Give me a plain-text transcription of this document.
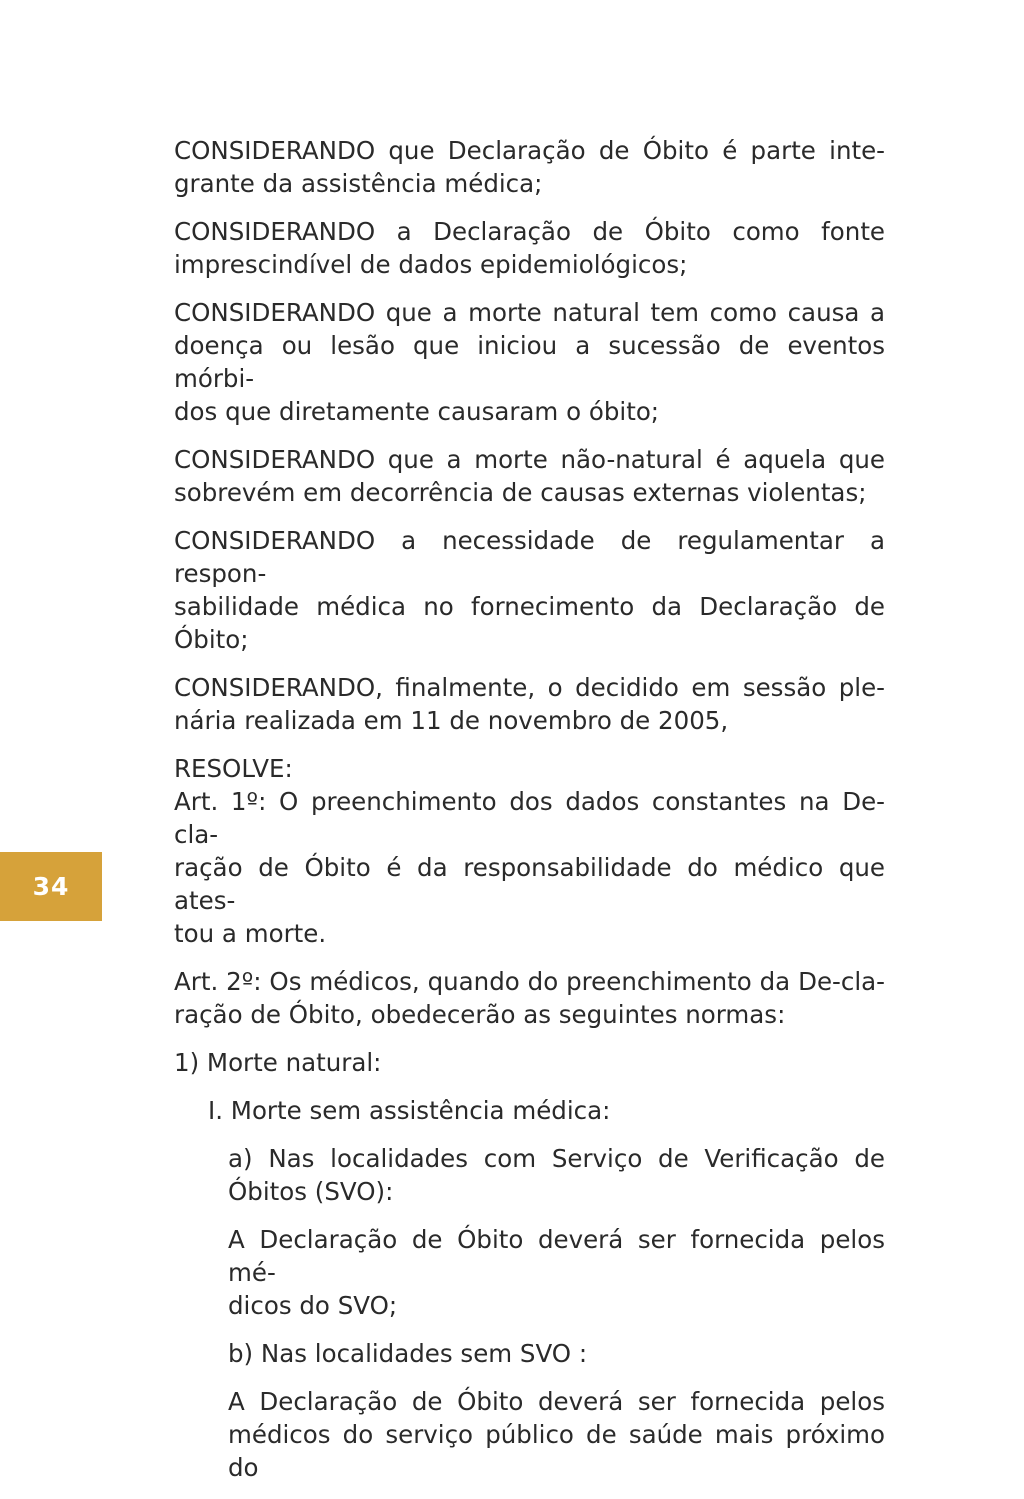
34
CONSIDERANDO que Declaração de Óbito é parte inte-
grante da assistência médica;
CONSIDERANDO a Declaração de Óbito como fonte
imprescindível de dados epidemiológicos;
CONSIDERANDO que a morte natural tem como causa a
doença ou lesão que iniciou a sucessão de eventos mórbi-
dos que diretamente causaram o óbito;
CONSIDERANDO que a morte não-natural é aquela que
sobrevém em decorrência de causas externas violentas;
CONSIDERANDO a necessidade de regulamentar a respon-
sabilidade médica no fornecimento da Declaração de
Óbito;
CONSIDERANDO, finalmente, o decidido em sessão ple-
nária realizada em 11 de novembro de 2005,
RESOLVE:
Art. 1º: O preenchimento dos dados constantes na De-cla-
ração de Óbito é da responsabilidade do médico que ates-
tou a morte.
Art. 2º: Os médicos, quando do preenchimento da De-cla-
ração de Óbito, obedecerão as seguintes normas:
1) Morte natural:
I. Morte sem assistência médica:
a) Nas localidades com Serviço de Verificação de
Óbitos (SVO):
A Declaração de Óbito deverá ser fornecida pelos mé-
dicos do SVO;
b) Nas localidades sem SVO :
A Declaração de Óbito deverá ser fornecida pelos
médicos do serviço público de saúde mais próximo do
